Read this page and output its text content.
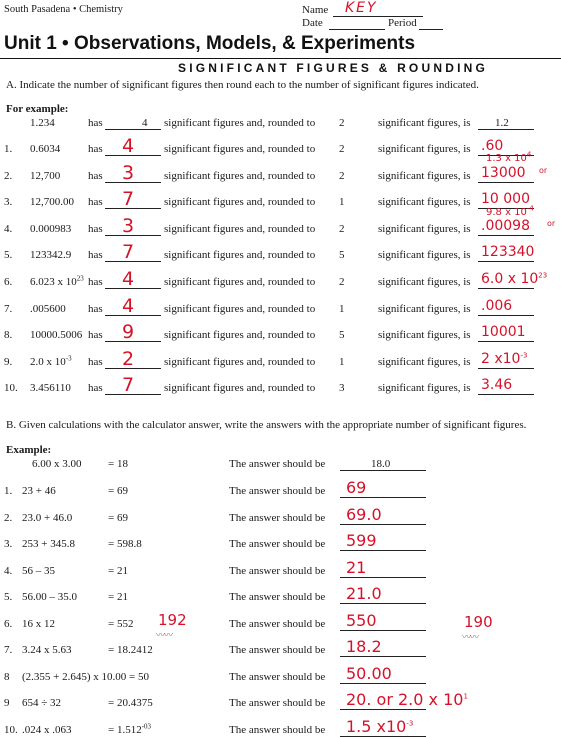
South Pasadena • Chemistry	Name KEY
Date	Period
Unit 1 • Observations, Models, & Experiments
SIGNIFICANT FIGURES & ROUNDING
A. Indicate the number of significant figures then round each to the number of significant figures indicated.
For example:
1.234	has	4 significant figures and, rounded to 2	significant figures, is 1.2
1. 0.6034	has 4	significant figures and, rounded to 2	significant figures, is .60
2. 12,700	has 3	significant figures and, rounded to 2	significant figures, is 13000
3. 12,700.00 has 7	significant figures and, rounded to 1	significant figures, is 10 000
4. 0.000983 has 3	significant figures and, rounded to 2	significant figures, is .00098
5. 123342.9 has 7	significant figures and, rounded to 5	significant figures, is 123340
6. 6.023 x $10^{23}$ has 4	significant figures and, rounded to 2	significant figures, is 6.0 x $10^{23}$
7. .005600 has 4	significant figures and, rounded to 1	significant figures, is .006
8. 10000.5006 has 9	significant figures and, rounded to 5	significant figures, is 10001
9. 2.0 x $10^{-3}$ has 2	significant figures and, rounded to 1	significant figures, is 2 $x10^{-3}$
10. 3.456110 has 7	significant figures and, rounded to 3	significant figures, is 3.46
1.3 x $10^4$
or
9.8 x $10^{-4}$
or
B. Given calculations with the calculator answer, write the answers with the appropriate number of significant figures.
Example:
6.00 x 3.00 = 18	The answer should be	18.0
1. 23 + 46	= 69	The answer should be 69
2. 23.0 + 46.0	= 69	The answer should be 69.0
3. 253 + 345.8	= 598.8	The answer should be 599
4. 56 – 35	= 21	The answer should be 21
5. 56.00 – 35.0	= 21	The answer should be 21.0
6. 16 x 12	= 552	The answer should be 550
7. 3.24 x 5.63	= 18.2412	The answer should be 18.2
8 (2.355 + 2.645) x 10.00 = 50	The answer should be 50.00
9 654 ÷ 32	= 20.4375	The answer should be 20. or 2.0 x $10^1$
10. .024 x .063	= $1.512^{-03}$	The answer should be 1.5 $x10^{-3}$
192
〰〰
190
〰〰
